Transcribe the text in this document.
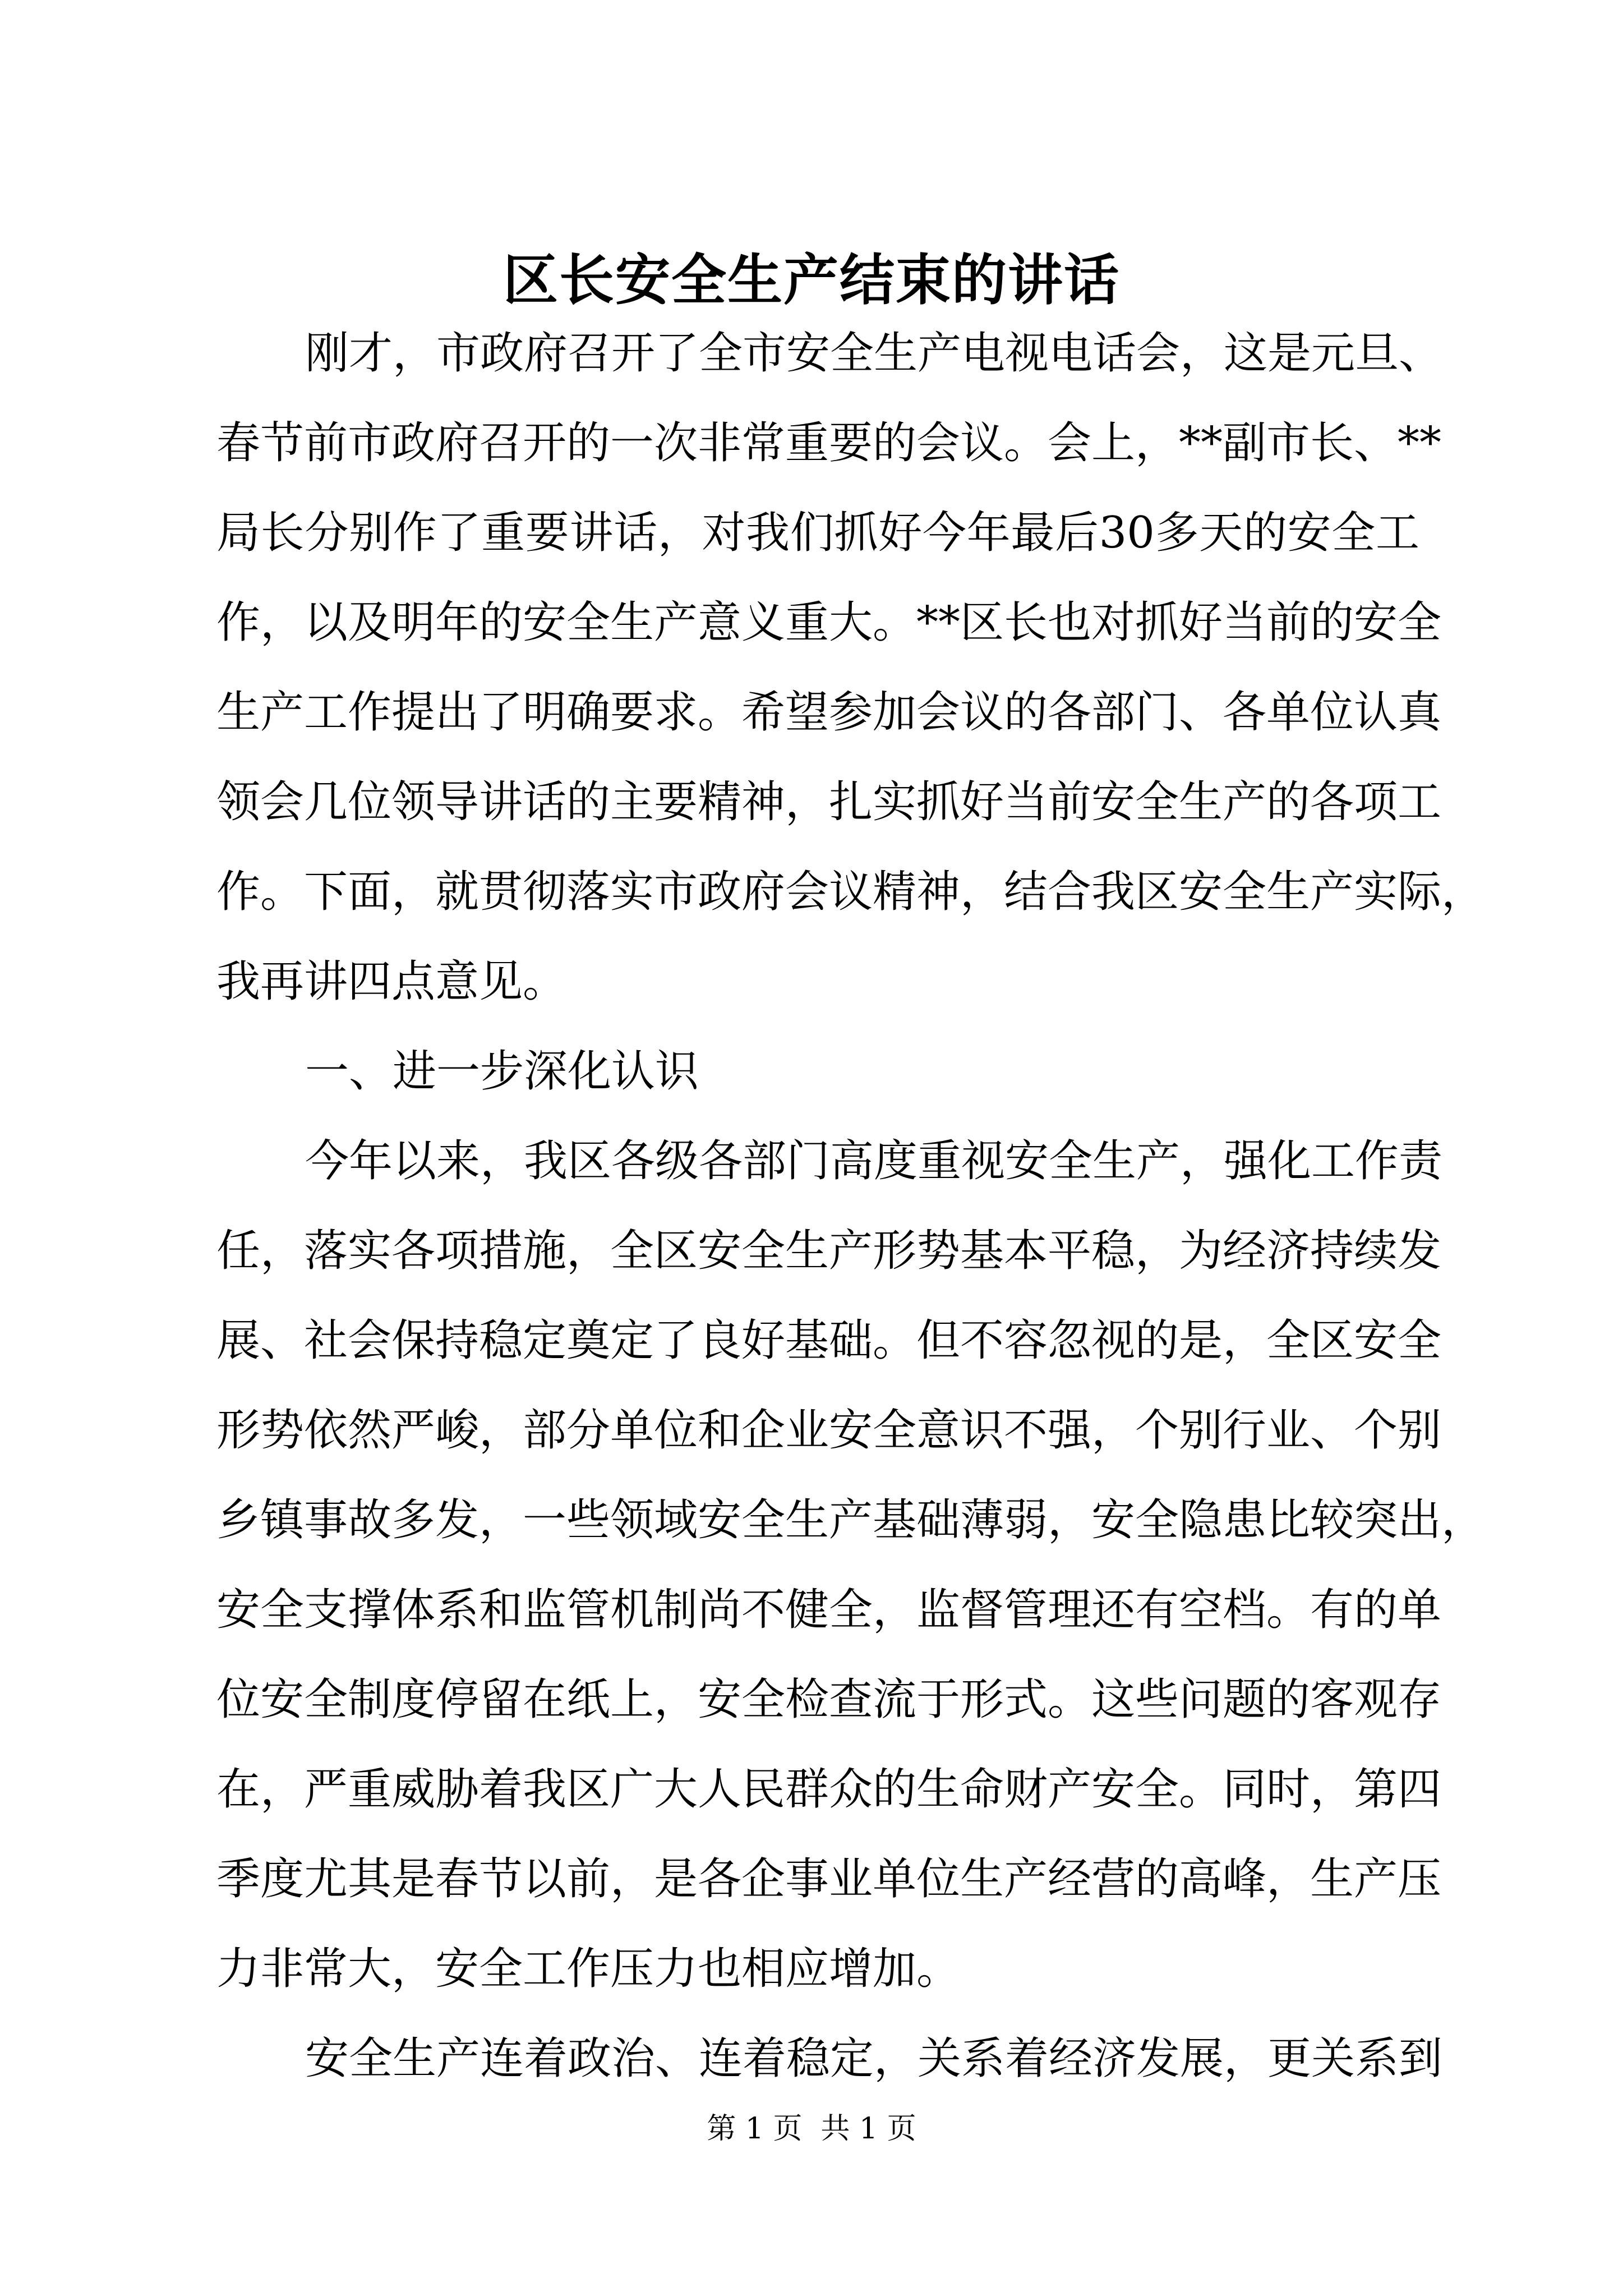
区长安全生产结束的讲话

刚才，市政府召开了全市安全生产电视电话会，这是元旦、

春节前市政府召开的一次非常重要的会议。会上，**副市长、**

局长分别作了重要讲话，对我们抓好今年最后30多天的安全工

作，以及明年的安全生产意义重大。**区长也对抓好当前的安全

生产工作提出了明确要求。希望参加会议的各部门、各单位认真

领会几位领导讲话的主要精神，扎实抓好当前安全生产的各项工

作。下面，就贯彻落实市政府会议精神，结合我区安全生产实际，

我再讲四点意见。

一、进一步深化认识

今年以来，我区各级各部门高度重视安全生产，强化工作责

任，落实各项措施，全区安全生产形势基本平稳，为经济持续发

展、社会保持稳定奠定了良好基础。但不容忽视的是，全区安全

形势依然严峻，部分单位和企业安全意识不强，个别行业、个别

乡镇事故多发，一些领域安全生产基础薄弱，安全隐患比较突出，

安全支撑体系和监管机制尚不健全，监督管理还有空档。有的单

位安全制度停留在纸上，安全检查流于形式。这些问题的客观存

在，严重威胁着我区广大人民群众的生命财产安全。同时，第四

季度尤其是春节以前，是各企事业单位生产经营的高峰，生产压

力非常大，安全工作压力也相应增加。

安全生产连着政治、连着稳定，关系着经济发展，更关系到

第 1 页  共 1 页
